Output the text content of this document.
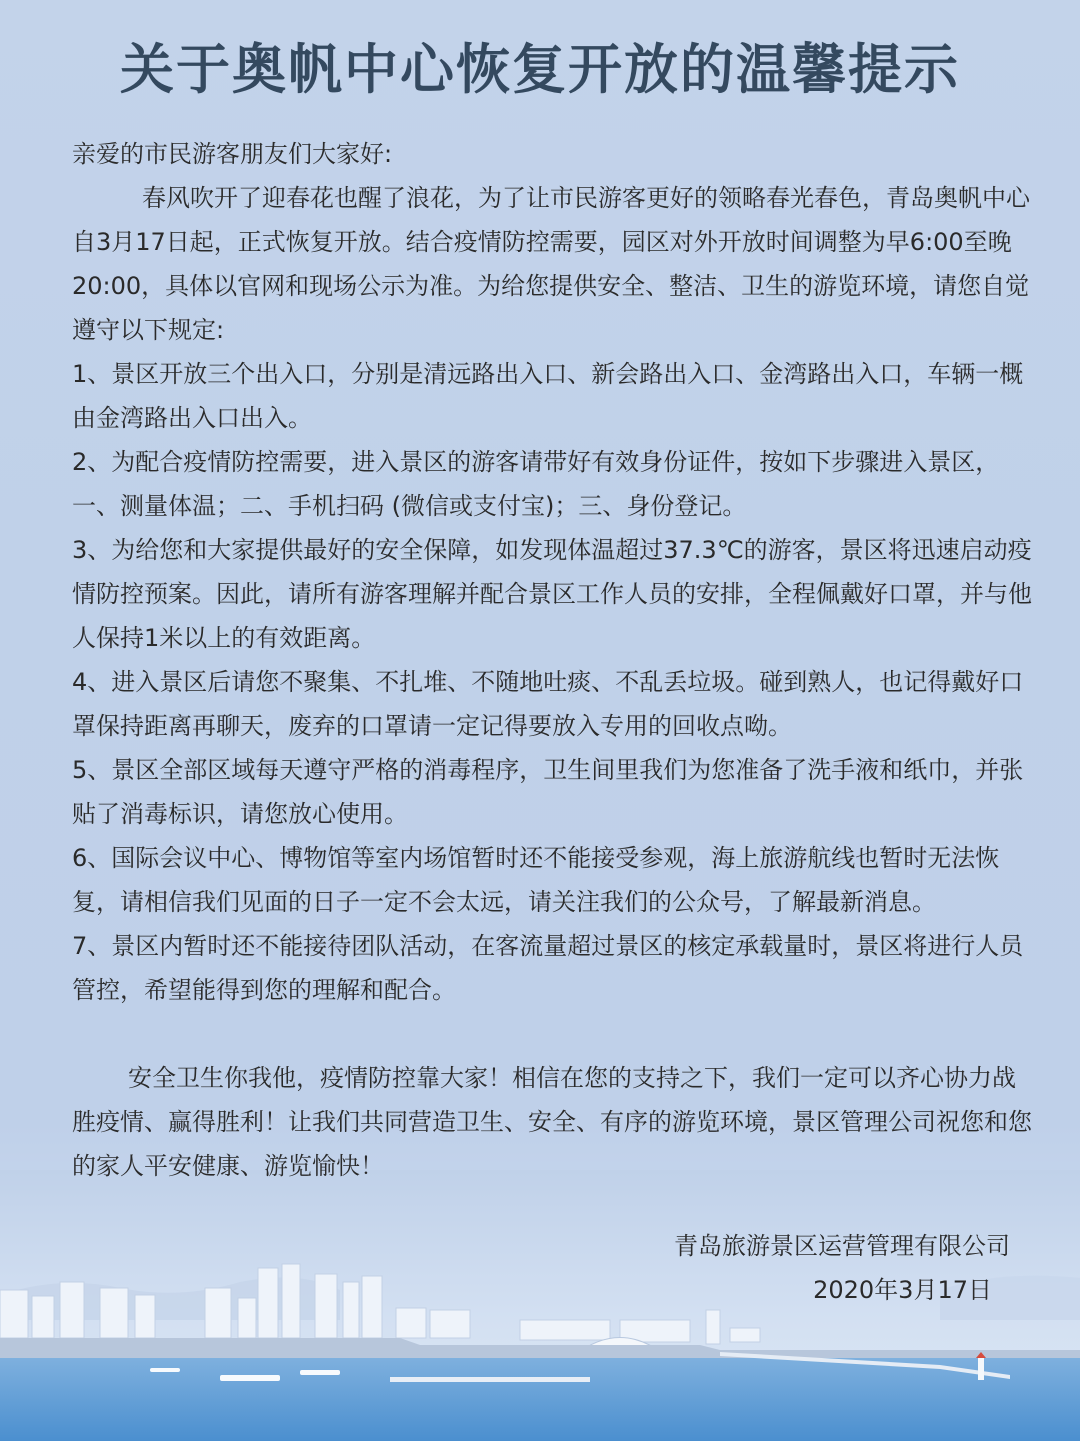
关于奥帆中心恢复开放的温馨提示

亲爱的市民游客朋友们大家好:

春风吹开了迎春花也醒了浪花，为了让市民游客更好的领略春光春色，青岛奥帆中心自3月17日起，正式恢复开放。结合疫情防控需要，园区对外开放时间调整为早6:00至晚20:00，具体以官网和现场公示为准。为给您提供安全、整洁、卫生的游览环境，请您自觉遵守以下规定:

1、景区开放三个出入口，分别是清远路出入口、新会路出入口、金湾路出入口，车辆一概由金湾路出入口出入。

2、为配合疫情防控需要，进入景区的游客请带好有效身份证件，按如下步骤进入景区，一、测量体温；二、手机扫码 (微信或支付宝)；三、身份登记。

3、为给您和大家提供最好的安全保障，如发现体温超过37.3℃的游客，景区将迅速启动疫情防控预案。因此，请所有游客理解并配合景区工作人员的安排，全程佩戴好口罩，并与他人保持1米以上的有效距离。

4、进入景区后请您不聚集、不扎堆、不随地吐痰、不乱丢垃圾。碰到熟人，也记得戴好口罩保持距离再聊天，废弃的口罩请一定记得要放入专用的回收点呦。

5、景区全部区域每天遵守严格的消毒程序，卫生间里我们为您准备了洗手液和纸巾，并张贴了消毒标识，请您放心使用。

6、国际会议中心、博物馆等室内场馆暂时还不能接受参观，海上旅游航线也暂时无法恢复，请相信我们见面的日子一定不会太远，请关注我们的公众号，了解最新消息。

7、景区内暂时还不能接待团队活动，在客流量超过景区的核定承载量时，景区将进行人员管控，希望能得到您的理解和配合。

安全卫生你我他，疫情防控靠大家！相信在您的支持之下，我们一定可以齐心协力战胜疫情、赢得胜利！让我们共同营造卫生、安全、有序的游览环境，景区管理公司祝您和您的家人平安健康、游览愉快！

青岛旅游景区运营管理有限公司
2020年3月17日
